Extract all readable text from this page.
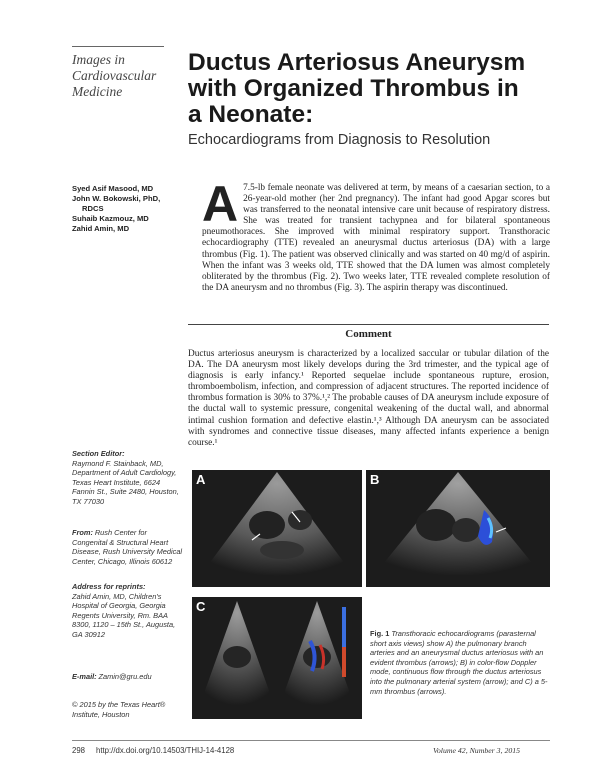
Images in Cardiovascular Medicine
Ductus Arteriosus Aneurysm with Organized Thrombus in a Neonate:
Echocardiograms from Diagnosis to Resolution
Syed Asif Masood, MD
John W. Bokowski, PhD,
RDCS
Suhaib Kazmouz, MD
Zahid Amin, MD	A 7.5-lb female neonate was delivered at term, by means of a caesarian section, to a 26-year-old mother (her 2nd pregnancy). The infant had good Apgar scores but was transferred to the neonatal intensive care unit because of respiratory distress. She was treated for transient tachypnea and for bilateral spontaneous pneumothoraces. She improved with minimal respiratory support. Transthoracic echocardiography (TTE) revealed an aneurysmal ductus arteriosus (DA) with a large thrombus (Fig. 1). The patient was observed clinically and was started on 40 mg/d of aspirin. When the infant was 3 weeks old, TTE showed that the DA lumen was almost completely obliterated by the thrombus (Fig. 2). Two weeks later, TTE revealed complete resolution of the DA aneurysm and no thrombus (Fig. 3). The aspirin therapy was discontinued.
Comment
Ductus arteriosus aneurysm is characterized by a localized saccular or tubular dilation of the DA. The DA aneurysm most likely develops during the 3rd trimester, and the typical age of diagnosis is early infancy.¹ Reported sequelae include spontaneous rupture, erosion, thromboembolism, infection, and compression of adjacent structures. The reported incidence of thrombus formation is 30% to 37%.¹,² The probable causes of DA aneurysm include exposure of the ductal wall to systemic pressure, congenital weakening of the ductal wall, and abnormal intimal cushion formation and defective elastin.¹,³ Although DA aneurysm can be associated with syndromes and connective tissue diseases, many affected infants experience a benign course.¹
Section Editor:
Raymond F. Stainback, MD, Department of Adult Cardiology, Texas Heart Institute, 6624 Fannin St., Suite 2480, Houston, TX 77030
From: Rush Center for Congenital & Structural Heart Disease, Rush University Medical Center, Chicago, Illinois 60612
Address for reprints:
Zahid Amin, MD, Children's Hospital of Georgia, Georgia Regents University, Rm. BAA 8300, 1120 – 15th St., Augusta, GA 30912
E-mail: Zamin@gru.edu
© 2015 by the Texas Heart® Institute, Houston
A	B
C
Fig. 1 Transthoracic echocardiograms (parasternal short axis views) show A) the pulmonary branch arteries and an aneurysmal ductus arteriosus with an evident thrombus (arrows); B) in color-flow Doppler mode, continuous flow through the ductus arteriosus into the pulmonary arterial system (arrow); and C) a 5-mm thrombus (arrows).
298 http://dx.doi.org/10.14503/THIJ-14-4128	Volume 42, Number 3, 2015
